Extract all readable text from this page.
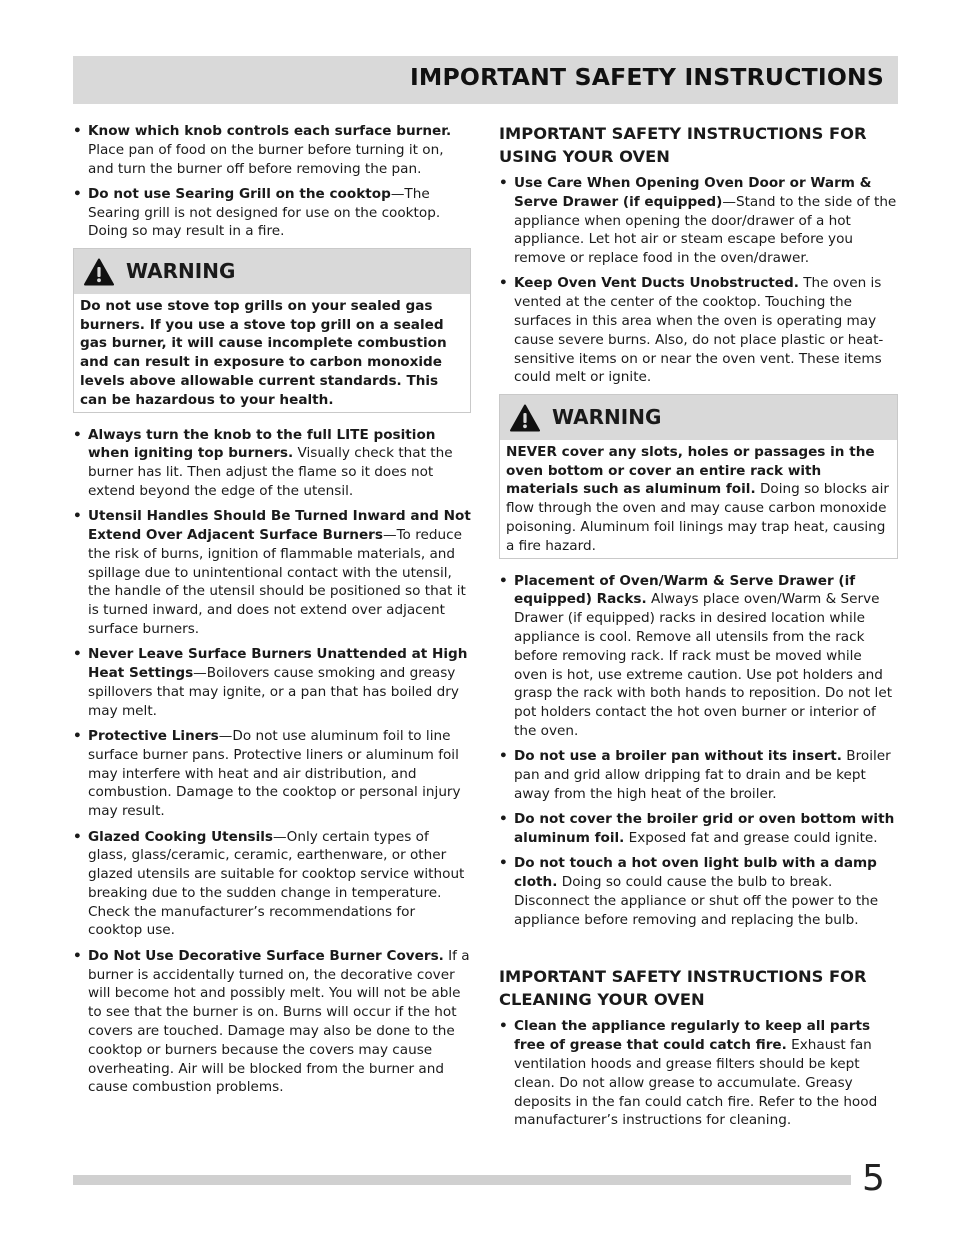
IMPORTANT SAFETY INSTRUCTIONS
• Know which knob controls each surface burner. Place pan of food on the burner before turning it on, and turn the burner off before removing the pan.
• Do not use Searing Grill on the cooktop—The Searing grill is not designed for use on the cooktop. Doing so may result in a fire.
WARNING
Do not use stove top grills on your sealed gas burners. If you use a stove top grill on a sealed gas burner, it will cause incomplete combustion and can result in exposure to carbon monoxide levels above allowable current standards. This can be hazardous to your health.
• Always turn the knob to the full LITE position when igniting top burners. Visually check that the burner has lit. Then adjust the flame so it does not extend beyond the edge of the utensil.
• Utensil Handles Should Be Turned Inward and Not Extend Over Adjacent Surface Burners—To reduce the risk of burns, ignition of flammable materials, and spillage due to unintentional contact with the utensil, the handle of the utensil should be positioned so that it is turned inward, and does not extend over adjacent surface burners.
• Never Leave Surface Burners Unattended at High Heat Settings—Boilovers cause smoking and greasy spillovers that may ignite, or a pan that has boiled dry may melt.
• Protective Liners—Do not use aluminum foil to line surface burner pans. Protective liners or aluminum foil may interfere with heat and air distribution, and combustion. Damage to the cooktop or personal injury may result.
• Glazed Cooking Utensils—Only certain types of glass, glass/ceramic, ceramic, earthenware, or other glazed utensils are suitable for cooktop service without breaking due to the sudden change in temperature. Check the manufacturer’s recommendations for cooktop use.
• Do Not Use Decorative Surface Burner Covers. If a burner is accidentally turned on, the decorative cover will become hot and possibly melt. You will not be able to see that the burner is on. Burns will occur if the hot covers are touched. Damage may also be done to the cooktop or burners because the covers may cause overheating. Air will be blocked from the burner and cause combustion problems.
IMPORTANT SAFETY INSTRUCTIONS FOR USING YOUR OVEN
• Use Care When Opening Oven Door or Warm & Serve Drawer (if equipped)—Stand to the side of the appliance when opening the door/drawer of a hot appliance. Let hot air or steam escape before you remove or replace food in the oven/drawer.
• Keep Oven Vent Ducts Unobstructed. The oven is vented at the center of the cooktop. Touching the surfaces in this area when the oven is operating may cause severe burns. Also, do not place plastic or heat-sensitive items on or near the oven vent. These items could melt or ignite.
WARNING
NEVER cover any slots, holes or passages in the oven bottom or cover an entire rack with materials such as aluminum foil. Doing so blocks air flow through the oven and may cause carbon monoxide poisoning. Aluminum foil linings may trap heat, causing a fire hazard.
• Placement of Oven/Warm & Serve Drawer (if equipped) Racks. Always place oven/Warm & Serve Drawer (if equipped) racks in desired location while appliance is cool. Remove all utensils from the rack before removing rack. If rack must be moved while oven is hot, use extreme caution. Use pot holders and grasp the rack with both hands to reposition. Do not let pot holders contact the hot oven burner or interior of the oven.
• Do not use a broiler pan without its insert. Broiler pan and grid allow dripping fat to drain and be kept away from the high heat of the broiler.
• Do not cover the broiler grid or oven bottom with aluminum foil. Exposed fat and grease could ignite.
• Do not touch a hot oven light bulb with a damp cloth. Doing so could cause the bulb to break. Disconnect the appliance or shut off the power to the appliance before removing and replacing the bulb.
IMPORTANT SAFETY INSTRUCTIONS FOR CLEANING YOUR OVEN
• Clean the appliance regularly to keep all parts free of grease that could catch fire. Exhaust fan ventilation hoods and grease filters should be kept clean. Do not allow grease to accumulate. Greasy deposits in the fan could catch fire. Refer to the hood manufacturer’s instructions for cleaning.
5
